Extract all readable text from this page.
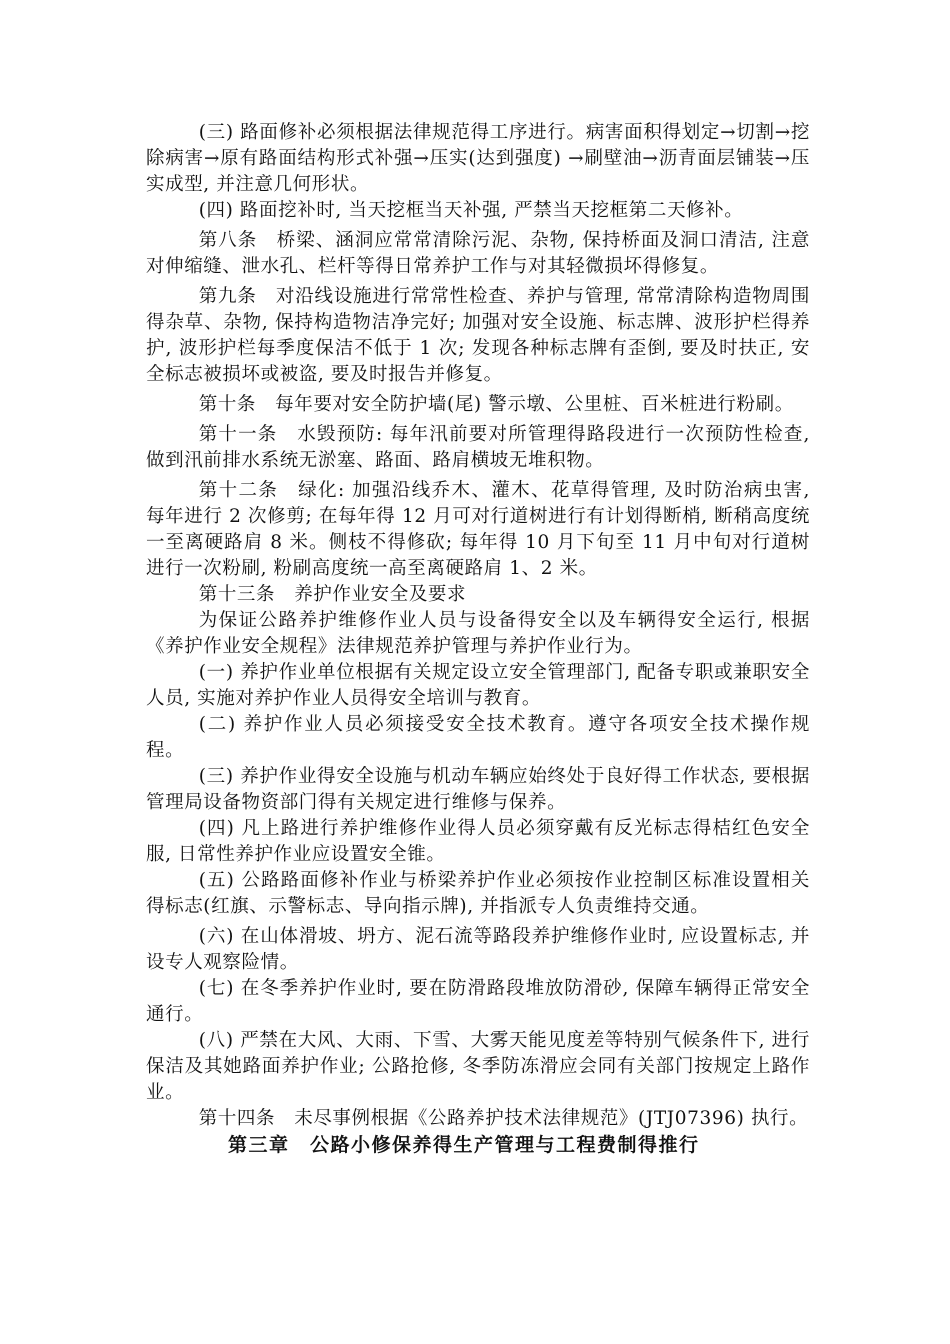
(三) 路面修补必须根据法律规范得工序进行。病害面积得划定→切割→挖除病害→原有路面结构形式补强→压实(达到强度) →刷壁油→沥青面层铺装→压实成型, 并注意几何形状。

(四) 路面挖补时, 当天挖框当天补强, 严禁当天挖框第二天修补。

第八条　桥梁、涵洞应常常清除污泥、杂物, 保持桥面及洞口清洁, 注意对伸缩缝、泄水孔、栏杆等得日常养护工作与对其轻微损坏得修复。

第九条　对沿线设施进行常常性检查、养护与管理, 常常清除构造物周围得杂草、杂物, 保持构造物洁净完好; 加强对安全设施、标志牌、波形护栏得养护, 波形护栏每季度保洁不低于 1 次; 发现各种标志牌有歪倒, 要及时扶正, 安全标志被损坏或被盗, 要及时报告并修复。

第十条　每年要对安全防护墙(尾) 警示墩、公里桩、百米桩进行粉刷。

第十一条　水毁预防: 每年汛前要对所管理得路段进行一次预防性检查, 做到汛前排水系统无淤塞、路面、路肩横坡无堆积物。

第十二条　绿化: 加强沿线乔木、灌木、花草得管理, 及时防治病虫害, 每年进行 2 次修剪; 在每年得 12 月可对行道树进行有计划得断梢, 断稍高度统一至离硬路肩 8 米。侧枝不得修砍; 每年得 10 月下旬至 11 月中旬对行道树进行一次粉刷, 粉刷高度统一高至离硬路肩 1、2 米。

第十三条　养护作业安全及要求

为保证公路养护维修作业人员与设备得安全以及车辆得安全运行, 根据《养护作业安全规程》法律规范养护管理与养护作业行为。

(一) 养护作业单位根据有关规定设立安全管理部门, 配备专职或兼职安全人员, 实施对养护作业人员得安全培训与教育。

(二) 养护作业人员必须接受安全技术教育。遵守各项安全技术操作规程。

(三) 养护作业得安全设施与机动车辆应始终处于良好得工作状态, 要根据管理局设备物资部门得有关规定进行维修与保养。

(四) 凡上路进行养护维修作业得人员必须穿戴有反光标志得桔红色安全服, 日常性养护作业应设置安全锥。

(五) 公路路面修补作业与桥梁养护作业必须按作业控制区标准设置相关得标志(红旗、示警标志、导向指示牌), 并指派专人负责维持交通。

(六) 在山体滑坡、坍方、泥石流等路段养护维修作业时, 应设置标志, 并设专人观察险情。

(七) 在冬季养护作业时, 要在防滑路段堆放防滑砂, 保障车辆得正常安全通行。

(八) 严禁在大风、大雨、下雪、大雾天能见度差等特别气候条件下, 进行保洁及其她路面养护作业; 公路抢修, 冬季防冻滑应会同有关部门按规定上路作业。

第十四条　未尽事例根据《公路养护技术法律规范》(JTJ07396) 执行。

第三章　公路小修保养得生产管理与工程费制得推行
